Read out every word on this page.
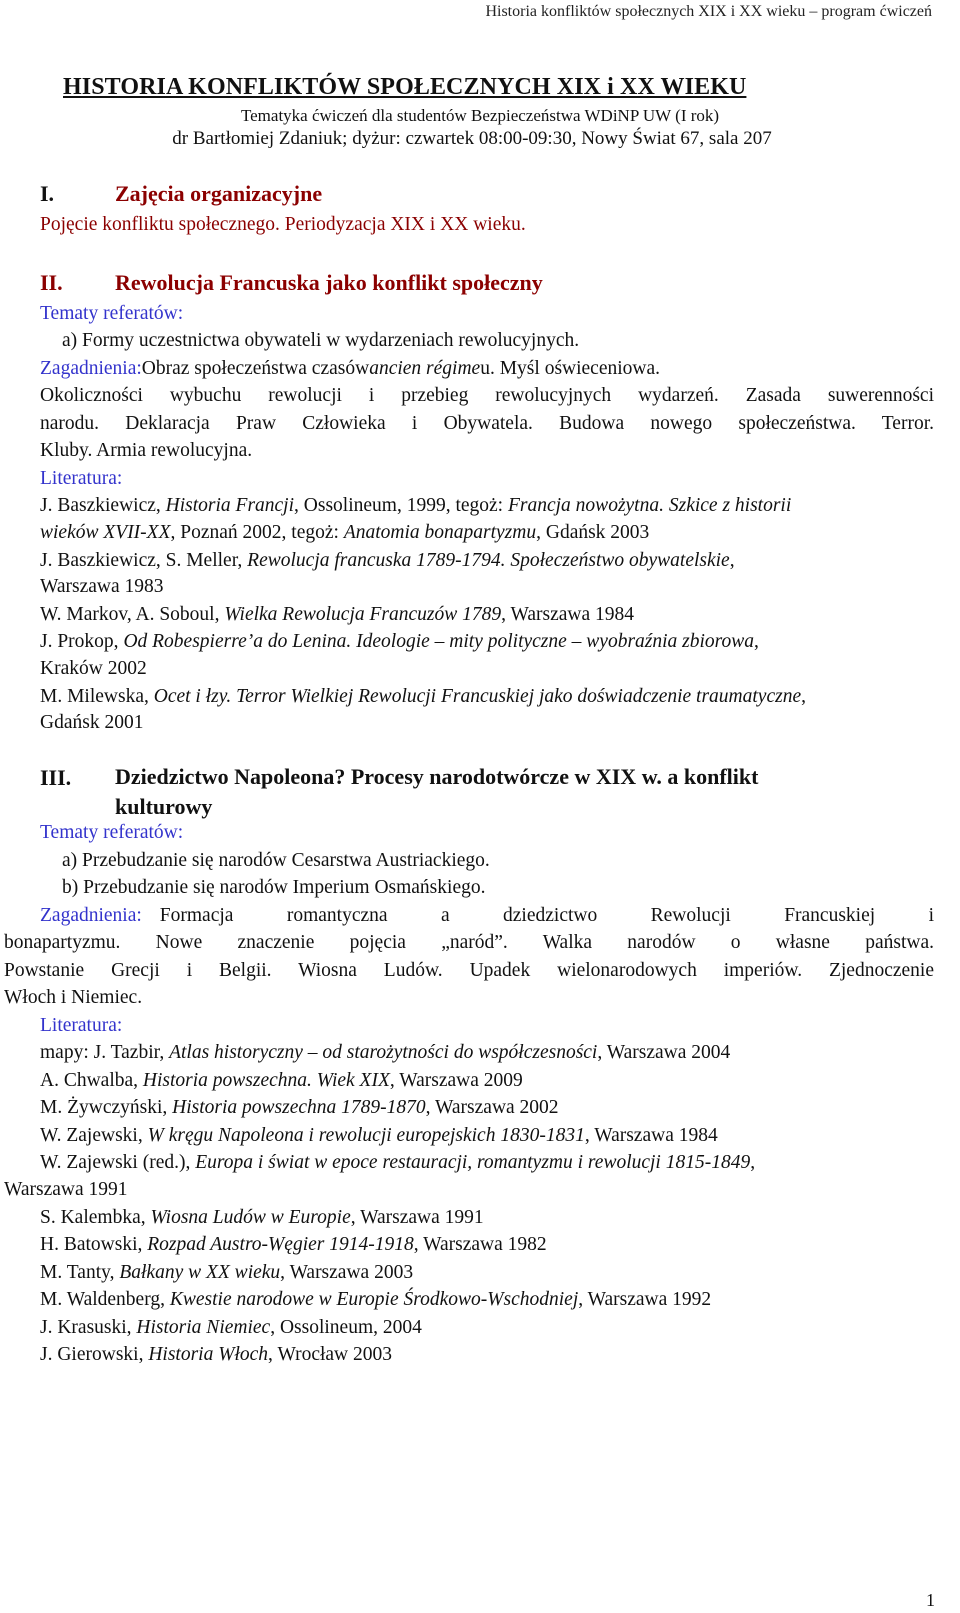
Historia konfliktów społecznych XIX i XX wieku – program ćwiczeń
HISTORIA KONFLIKTÓW SPOŁECZNYCH XIX i XX WIEKU
Tematyka ćwiczeń dla studentów Bezpieczeństwa WDiNP UW (I rok)
dr Bartłomiej Zdaniuk; dyżur: czwartek 08:00-09:30, Nowy Świat 67, sala 207
I.	Zajęcia organizacyjne
Pojęcie konfliktu społecznego. Periodyzacja XIX i XX wieku.
II. Rewolucja Francuska jako konflikt społeczny
Tematy referatów:
a) Formy uczestnictwa obywateli w wydarzeniach rewolucyjnych.
Zagadnienia: Obraz społeczeństwa czasów ancien régime u. Myśl oświeceniowa.
Okoliczności wybuchu rewolucji i przebieg rewolucyjnych wydarzeń. Zasada suwerenności
narodu. Deklaracja Praw Człowieka i Obywatela. Budowa nowego społeczeństwa. Terror.
Kluby. Armia rewolucyjna.
Literatura:
J. Baszkiewicz, Historia Francji, Ossolineum, 1999, tegoż: Francja nowożytna. Szkice z historii
wieków XVII-XX, Poznań 2002, tegoż: Anatomia bonapartyzmu, Gdańsk 2003
J. Baszkiewicz, S. Meller, Rewolucja francuska 1789-1794. Społeczeństwo obywatelskie,
Warszawa 1983
W. Markov, A. Soboul, Wielka Rewolucja Francuzów 1789, Warszawa 1984
J. Prokop, Od Robespierre’a do Lenina. Ideologie – mity polityczne – wyobraźnia zbiorowa,
Kraków 2002
M. Milewska, Ocet i łzy. Terror Wielkiej Rewolucji Francuskiej jako doświadczenie traumatyczne,
Gdańsk 2001
III. Dziedzictwo Napoleona? Procesy narodotwórcze w XIX w. a konflikt
kulturowy
Tematy referatów:
a) Przebudzanie się narodów Cesarstwa Austriackiego.
b) Przebudzanie się narodów Imperium Osmańskiego.
Zagadnienia: Formacja romantyczna a dziedzictwo Rewolucji Francuskiej i
bonapartyzmu. Nowe znaczenie pojęcia „naród”. Walka narodów o własne państwa.
Powstanie Grecji i Belgii. Wiosna Ludów. Upadek wielonarodowych imperiów. Zjednoczenie
Włoch i Niemiec.
Literatura:
mapy: J. Tazbir, Atlas historyczny – od starożytności do współczesności, Warszawa 2004
A. Chwalba, Historia powszechna. Wiek XIX, Warszawa 2009
M. Żywczyński, Historia powszechna 1789-1870, Warszawa 2002
W. Zajewski, W kręgu Napoleona i rewolucji europejskich 1830-1831, Warszawa 1984
W. Zajewski (red.), Europa i świat w epoce restauracji, romantyzmu i rewolucji 1815-1849,
Warszawa 1991
S. Kalembka, Wiosna Ludów w Europie, Warszawa 1991
H. Batowski, Rozpad Austro-Węgier 1914-1918, Warszawa 1982
M. Tanty, Bałkany w XX wieku, Warszawa 2003
M. Waldenberg, Kwestie narodowe w Europie Środkowo-Wschodniej, Warszawa 1992
J. Krasuski, Historia Niemiec, Ossolineum, 2004
J. Gierowski, Historia Włoch, Wrocław 2003
1
